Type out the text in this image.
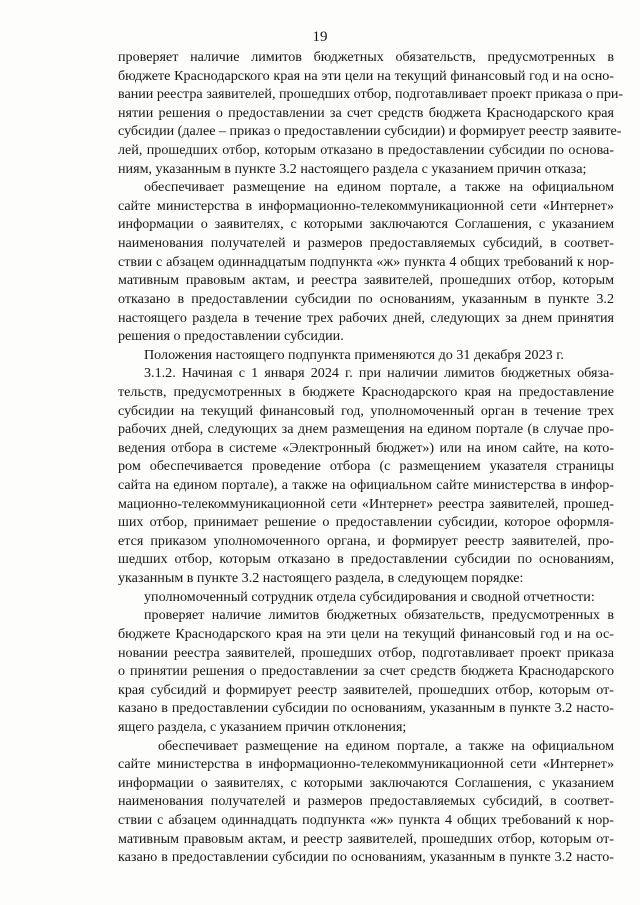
19
проверяет наличие лимитов бюджетных обязательств, предусмотренных в
бюджете Краснодарского края на эти цели на текущий финансовый год и на осно-
вании реестра заявителей, прошедших отбор, подготавливает проект приказа о при-
нятии решения о предоставлении за счет средств бюджета Краснодарского края
субсидии (далее – приказ о предоставлении субсидии) и формирует реестр заявите-
лей, прошедших отбор, которым отказано в предоставлении субсидии по основа-
ниям, указанным в пункте 3.2 настоящего раздела с указанием причин отказа;
обеспечивает размещение на едином портале, а также на официальном
сайте министерства в информационно-телекоммуникационной сети «Интернет»
информации о заявителях, с которыми заключаются Соглашения, с указанием
наименования получателей и размеров предоставляемых субсидий, в соответ-
ствии с абзацем одиннадцатым подпункта «ж» пункта 4 общих требований к нор-
мативным правовым актам, и реестра заявителей, прошедших отбор, которым
отказано в предоставлении субсидии по основаниям, указанным в пункте 3.2
настоящего раздела в течение трех рабочих дней, следующих за днем принятия
решения о предоставлении субсидии.
Положения настоящего подпункта применяются до 31 декабря 2023 г.
3.1.2. Начиная с 1 января 2024 г. при наличии лимитов бюджетных обяза-
тельств, предусмотренных в бюджете Краснодарского края на предоставление
субсидии на текущий финансовый год, уполномоченный орган в течение трех
рабочих дней, следующих за днем размещения на едином портале (в случае про-
ведения отбора в системе «Электронный бюджет») или на ином сайте, на кото-
ром обеспечивается проведение отбора (с размещением указателя страницы
сайта на едином портале), а также на официальном сайте министерства в инфор-
мационно-телекоммуникационной сети «Интернет» реестра заявителей, прошед-
ших отбор, принимает решение о предоставлении субсидии, которое оформля-
ется приказом уполномоченного органа, и формирует реестр заявителей, про-
шедших отбор, которым отказано в предоставлении субсидии по основаниям,
указанным в пункте 3.2 настоящего раздела, в следующем порядке:
уполномоченный сотрудник отдела субсидирования и сводной отчетности:
проверяет наличие лимитов бюджетных обязательств, предусмотренных в
бюджете Краснодарского края на эти цели на текущий финансовый год и на ос-
новании реестра заявителей, прошедших отбор, подготавливает проект приказа
о принятии решения о предоставлении за счет средств бюджета Краснодарского
края субсидий и формирует реестр заявителей, прошедших отбор, которым от-
казано в предоставлении субсидии по основаниям, указанным в пункте 3.2 насто-
ящего раздела, с указанием причин отклонения;
обеспечивает размещение на едином портале, а также на официальном
сайте министерства в информационно-телекоммуникационной сети «Интернет»
информации о заявителях, с которыми заключаются Соглашения, с указанием
наименования получателей и размеров предоставляемых субсидий, в соответ-
ствии с абзацем одиннадцать подпункта «ж» пункта 4 общих требований к нор-
мативным правовым актам, и реестр заявителей, прошедших отбор, которым от-
казано в предоставлении субсидии по основаниям, указанным в пункте 3.2 насто-
